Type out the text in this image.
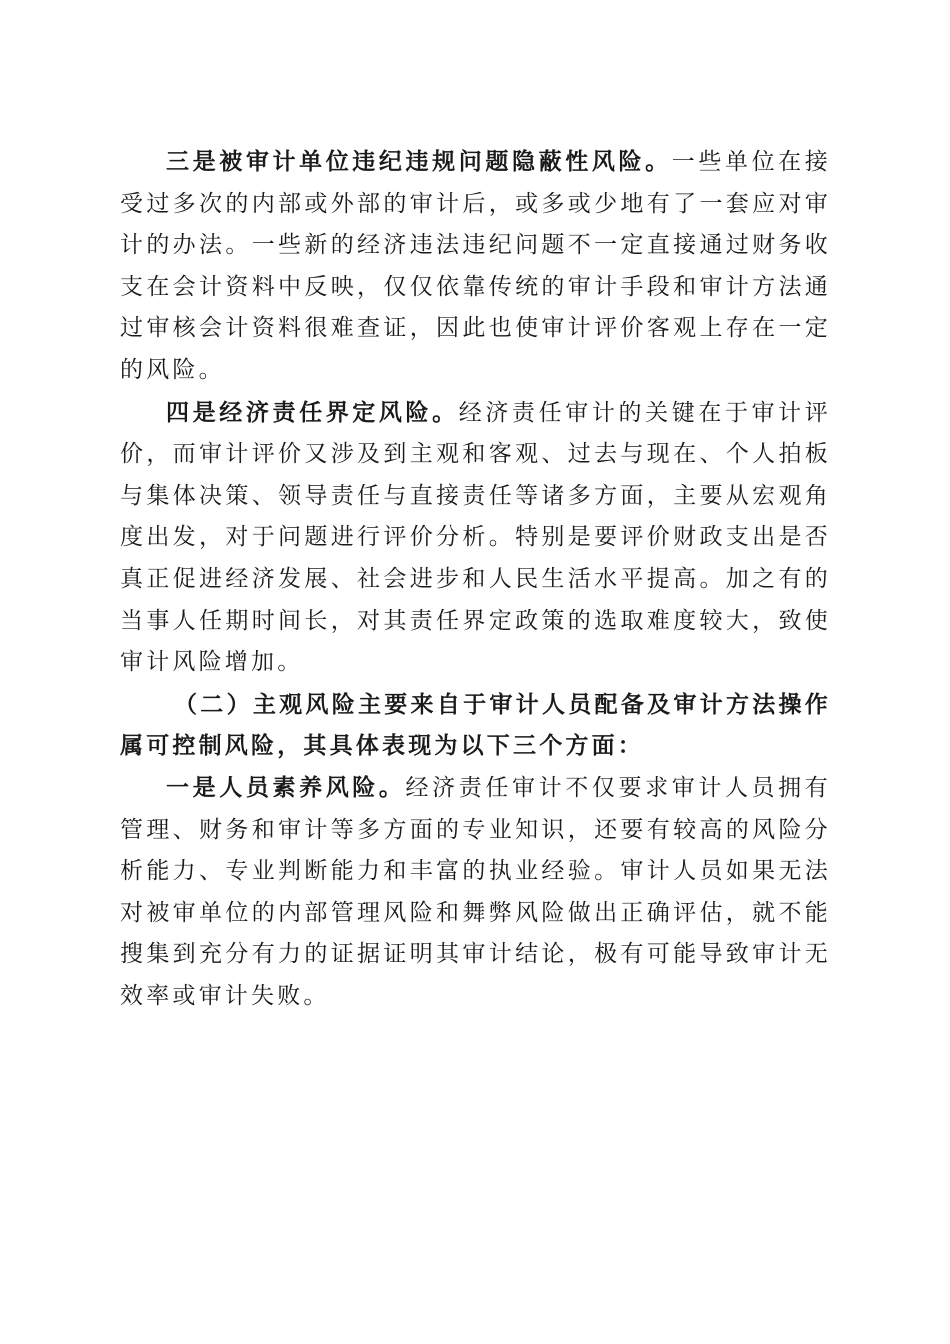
三是被审计单位违纪违规问题隐蔽性风险。一些单位在接受过多次的内部或外部的审计后，或多或少地有了一套应对审计的办法。一些新的经济违法违纪问题不一定直接通过财务收支在会计资料中反映，仅仅依靠传统的审计手段和审计方法通过审核会计资料很难查证，因此也使审计评价客观上存在一定的风险。

四是经济责任界定风险。经济责任审计的关键在于审计评价，而审计评价又涉及到主观和客观、过去与现在、个人拍板与集体决策、领导责任与直接责任等诸多方面，主要从宏观角度出发，对于问题进行评价分析。特别是要评价财政支出是否真正促进经济发展、社会进步和人民生活水平提高。加之有的当事人任期时间长，对其责任界定政策的选取难度较大，致使审计风险增加。

（二）主观风险主要来自于审计人员配备及审计方法操作属可控制风险，其具体表现为以下三个方面：

一是人员素养风险。经济责任审计不仅要求审计人员拥有管理、财务和审计等多方面的专业知识，还要有较高的风险分析能力、专业判断能力和丰富的执业经验。审计人员如果无法对被审单位的内部管理风险和舞弊风险做出正确评估，就不能搜集到充分有力的证据证明其审计结论，极有可能导致审计无效率或审计失败。
